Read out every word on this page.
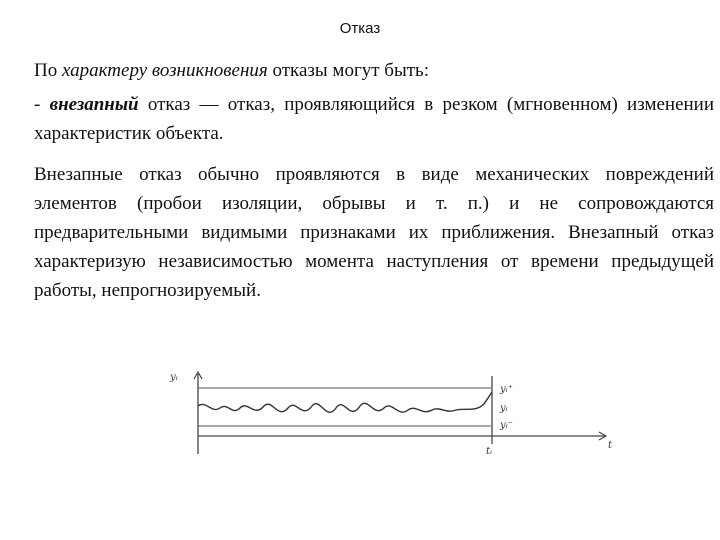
Отказ

По характеру возникновения отказы могут быть:

- внезапный отказ — отказ, проявляющийся в резком (мгновенном) изменении характеристик объекта.

Внезапные отказ обычно проявляются в виде механических повреждений элементов (пробои изоляции, обрывы и т. п.) и не сопровождаются предварительными видимыми признаками их приближения. Внезапный отказ характеризую независимостью момента наступления от времени предыдущей работы, непрогнозируемый.

yᵢ
yᵢ⁺
yᵢ
yᵢ⁻
t
tᵢ
